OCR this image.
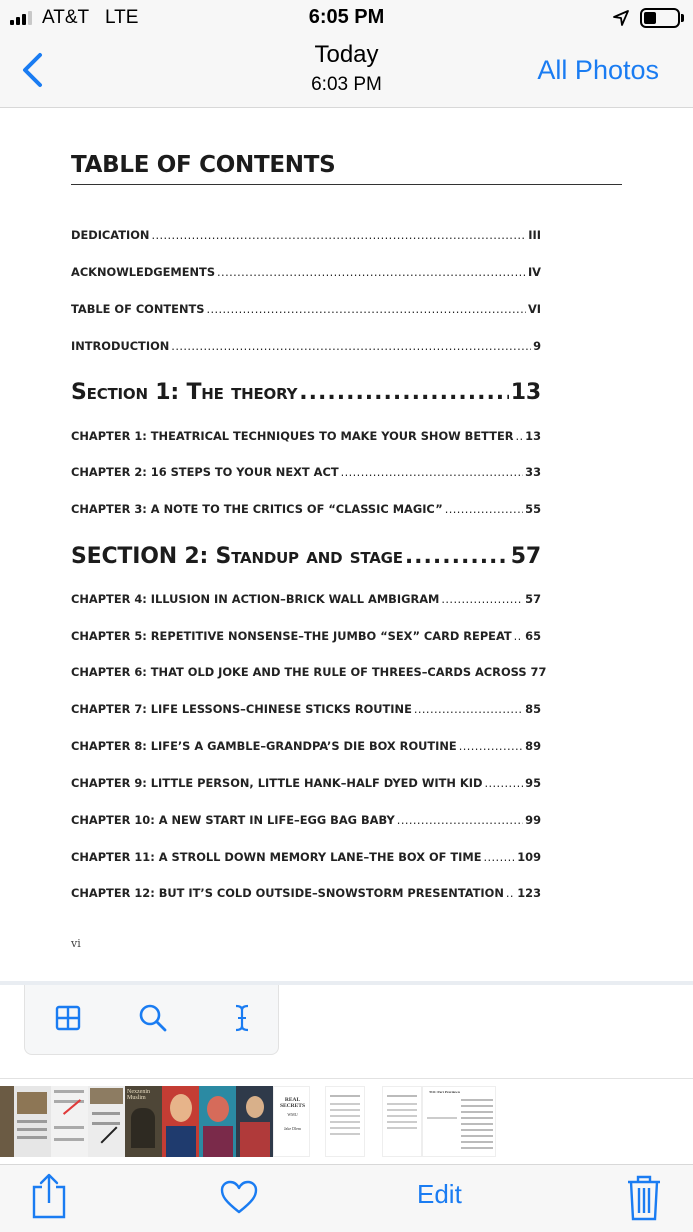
AT&T LTE	6:05 PM
Today
6:03 PM	All Photos
TABLE OF CONTENTS
DEDICATION .....	III
ACKNOWLEDGEMENTS .....	IV
TABLE OF CONTENTS .....	VI
INTRODUCTION .....	9
Section 1: The theory .....	13
CHAPTER 1: THEATRICAL TECHNIQUES TO MAKE YOUR SHOW BETTER ..... 13
CHAPTER 2: 16 STEPS TO YOUR NEXT ACT .....	33
CHAPTER 3: A NOTE TO THE CRITICS OF “CLASSIC MAGIC” .....	55
SECTION 2: Standup and stage .....	57
CHAPTER 4: ILLUSION IN ACTION–BRICK WALL AMBIGRAM .....	57
CHAPTER 5: REPETITIVE NONSENSE–THE JUMBO “SEX” CARD REPEAT ..... 65
CHAPTER 6: THAT OLD JOKE AND THE RULE OF THREES–CARDS ACROSS 77
CHAPTER 7: LIFE LESSONS–CHINESE STICKS ROUTINE .....	85
CHAPTER 8: LIFE’S A GAMBLE–GRANDPA’S DIE BOX ROUTINE .....	89
CHAPTER 9: LITTLE PERSON, LITTLE HANK–HALF DYED WITH KID .....	95
CHAPTER 10: A NEW START IN LIFE–EGG BAG BABY .....	99
CHAPTER 11: A STROLL DOWN MEMORY LANE–THE BOX OF TIME .....	109
CHAPTER 12: BUT IT’S COLD OUTSIDE–SNOWSTORM PRESENTATION ..... 123
vi
Nexzenin Muslim	REAL SECRETS
WMU
Jake Dlem
TOC Part Prerdown
Edit
